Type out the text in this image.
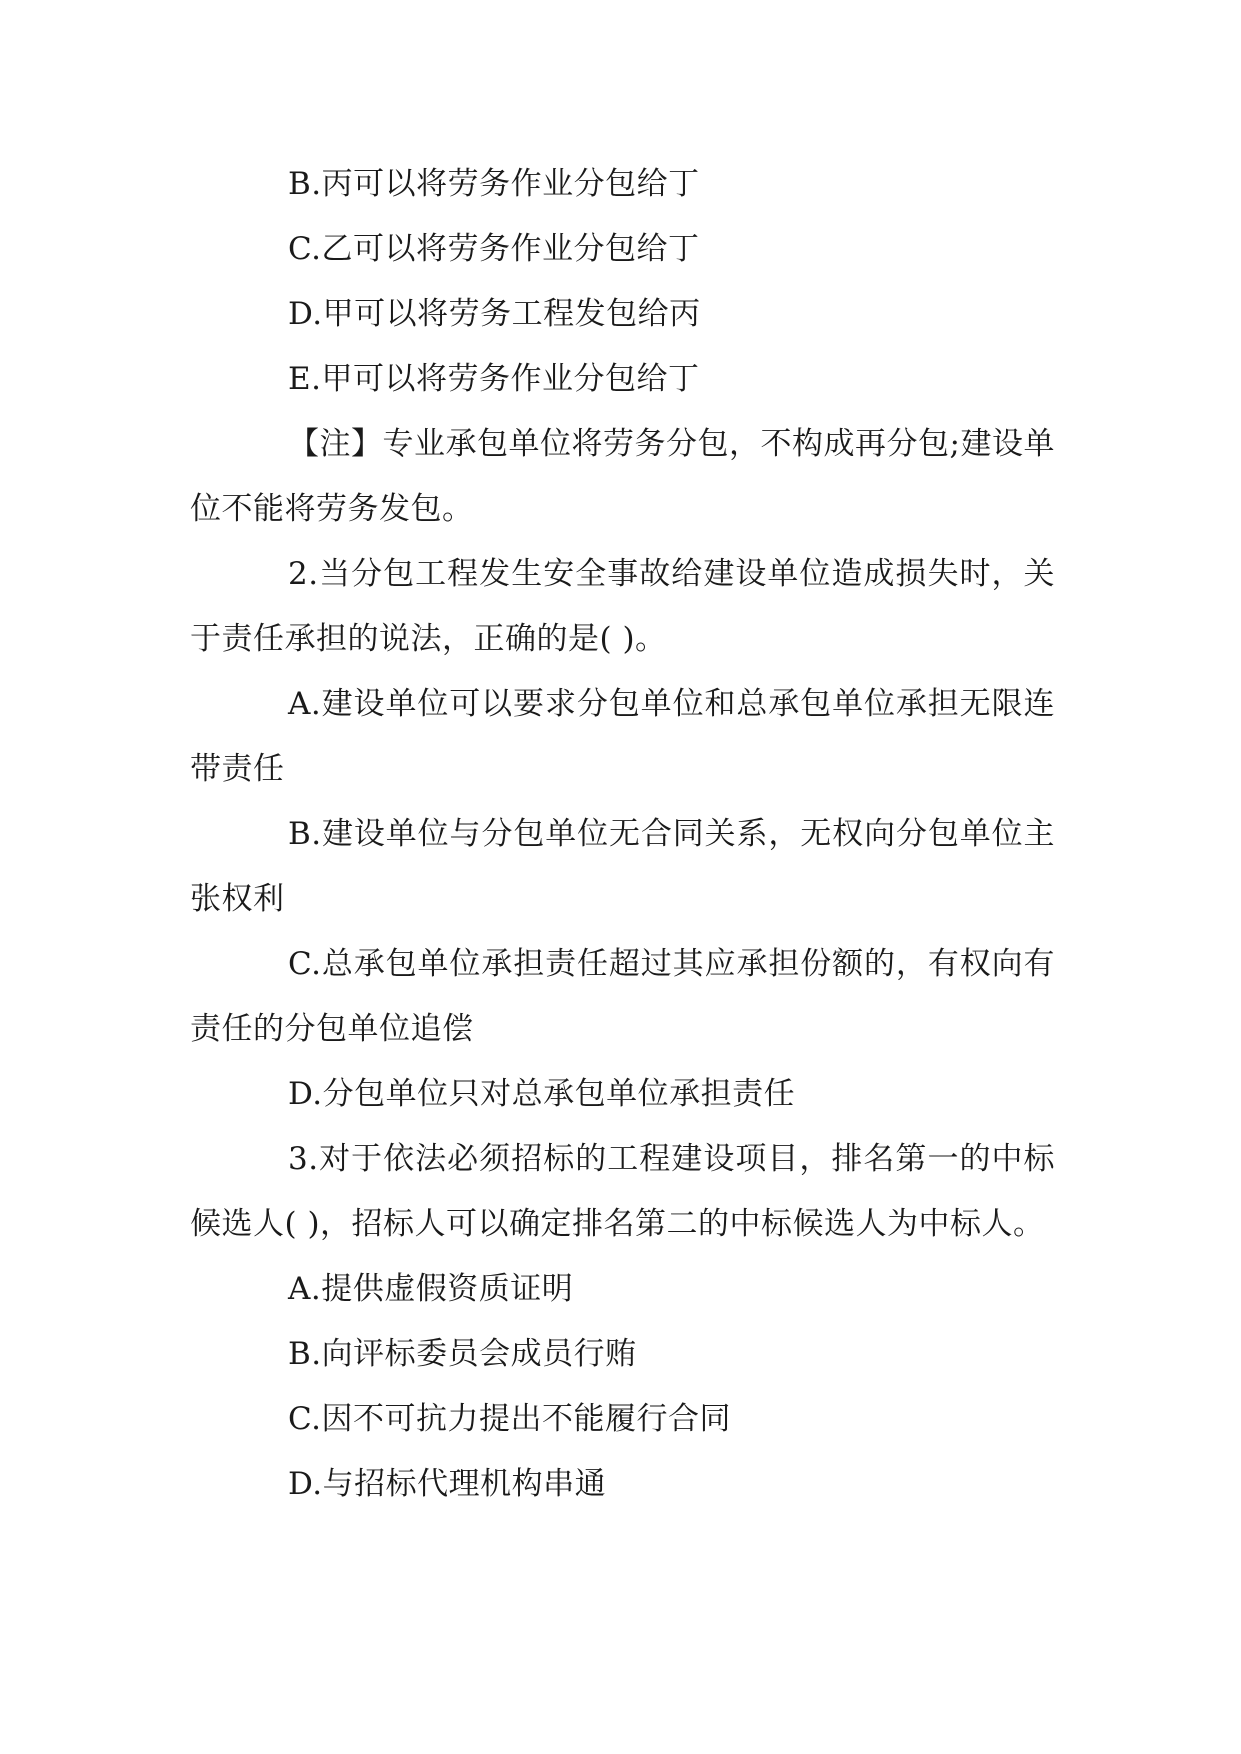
B.丙可以将劳务作业分包给丁

C.乙可以将劳务作业分包给丁

D.甲可以将劳务工程发包给丙

E.甲可以将劳务作业分包给丁

【注】专业承包单位将劳务分包，不构成再分包;建设单位不能将劳务发包。

2.当分包工程发生安全事故给建设单位造成损失时，关于责任承担的说法，正确的是( )。

A.建设单位可以要求分包单位和总承包单位承担无限连带责任

B.建设单位与分包单位无合同关系，无权向分包单位主张权利

C.总承包单位承担责任超过其应承担份额的，有权向有责任的分包单位追偿

D.分包单位只对总承包单位承担责任

3.对于依法必须招标的工程建设项目，排名第一的中标候选人( )，招标人可以确定排名第二的中标候选人为中标人。

A.提供虚假资质证明

B.向评标委员会成员行贿

C.因不可抗力提出不能履行合同

D.与招标代理机构串通
